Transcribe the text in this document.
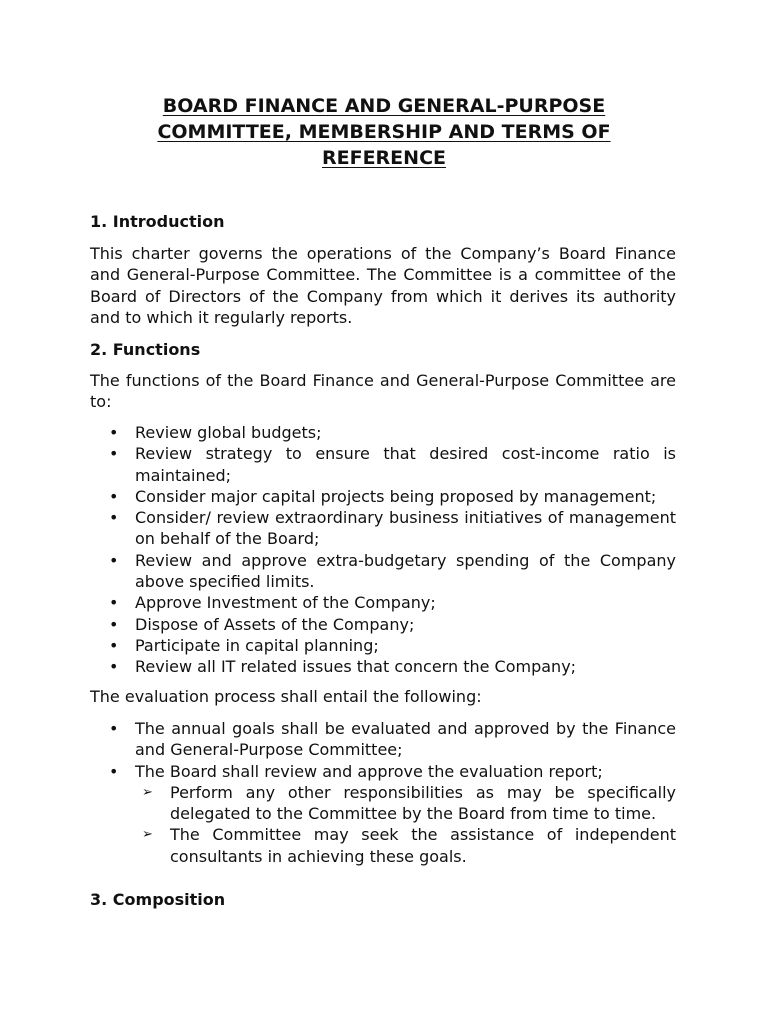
BOARD FINANCE AND GENERAL-PURPOSE COMMITTEE, MEMBERSHIP AND TERMS OF REFERENCE
1. Introduction

This charter governs the operations of the Company’s Board Finance and General-Purpose Committee. The Committee is a committee of the Board of Directors of the Company from which it derives its authority and to which it regularly reports.

2. Functions

The functions of the Board Finance and General-Purpose Committee are to:

• Review global budgets;
• Review strategy to ensure that desired cost-income ratio is maintained;
• Consider major capital projects being proposed by management;
• Consider/ review extraordinary business initiatives of management on behalf of the Board;
• Review and approve extra-budgetary spending of the Company above specified limits.
• Approve Investment of the Company;
• Dispose of Assets of the Company;
• Participate in capital planning;
• Review all IT related issues that concern the Company;

The evaluation process shall entail the following:

• The annual goals shall be evaluated and approved by the Finance and General-Purpose Committee;
• The Board shall review and approve the evaluation report;
➢ Perform any other responsibilities as may be specifically delegated to the Committee by the Board from time to time.
➢ The Committee may seek the assistance of independent consultants in achieving these goals.
3. Composition
